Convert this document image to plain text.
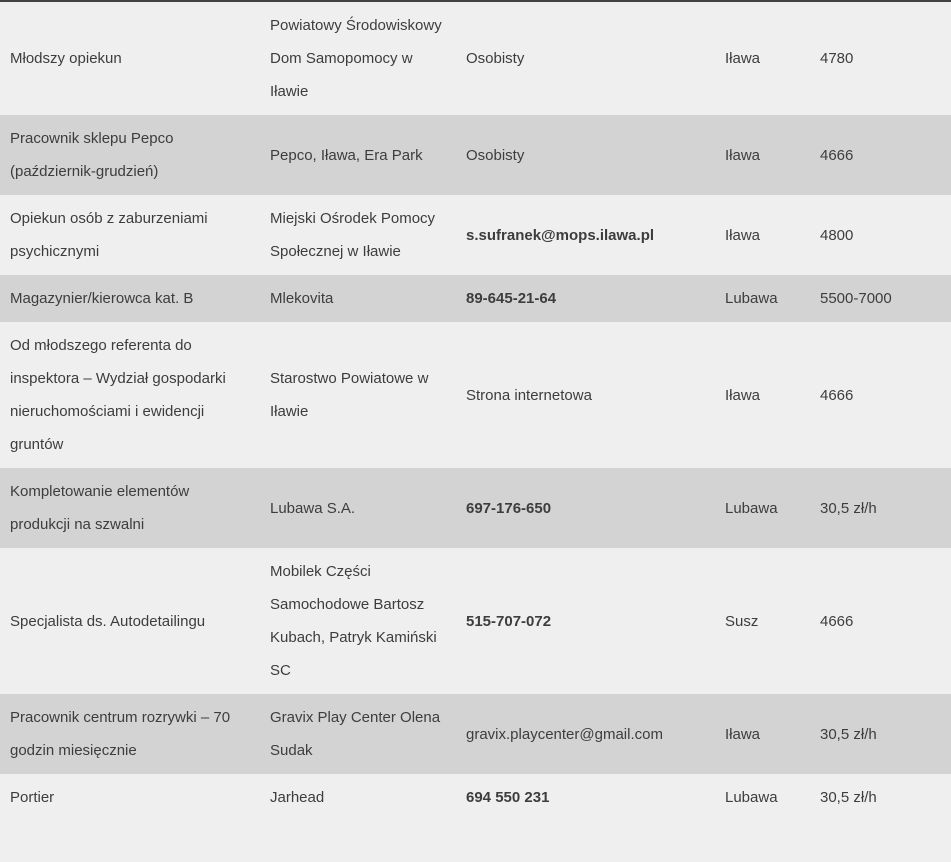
Młodszy opiekun	Powiatowy Środowiskowy Dom Samopomocy w Iławie	Osobisty	Iława	4780
Pracownik sklepu Pepco (październik-grudzień)	Pepco, Iława, Era Park	Osobisty	Iława	4666
Opiekun osób z zaburzeniami psychicznymi	Miejski Ośrodek Pomocy Społecznej w Iławie	s.sufranek@mops.ilawa.pl	Iława	4800
Magazynier/kierowca kat. B	Mlekovita	89-645-21-64	Lubawa	5500-7000
Od młodszego referenta do inspektora – Wydział gospodarki nieruchomościami i ewidencji gruntów	Starostwo Powiatowe w Iławie	Strona internetowa	Iława	4666
Kompletowanie elementów produkcji na szwalni	Lubawa S.A.	697-176-650	Lubawa	30,5 zł/h
Specjalista ds. Autodetailingu	Mobilek Części Samochodowe Bartosz Kubach, Patryk Kamiński SC	515-707-072	Susz	4666
Pracownik centrum rozrywki – 70 godzin miesięcznie	Gravix Play Center Olena Sudak	gravix.playcenter@gmail.com	Iława	30,5 zł/h
Portier	Jarhead	694 550 231	Lubawa	30,5 zł/h
